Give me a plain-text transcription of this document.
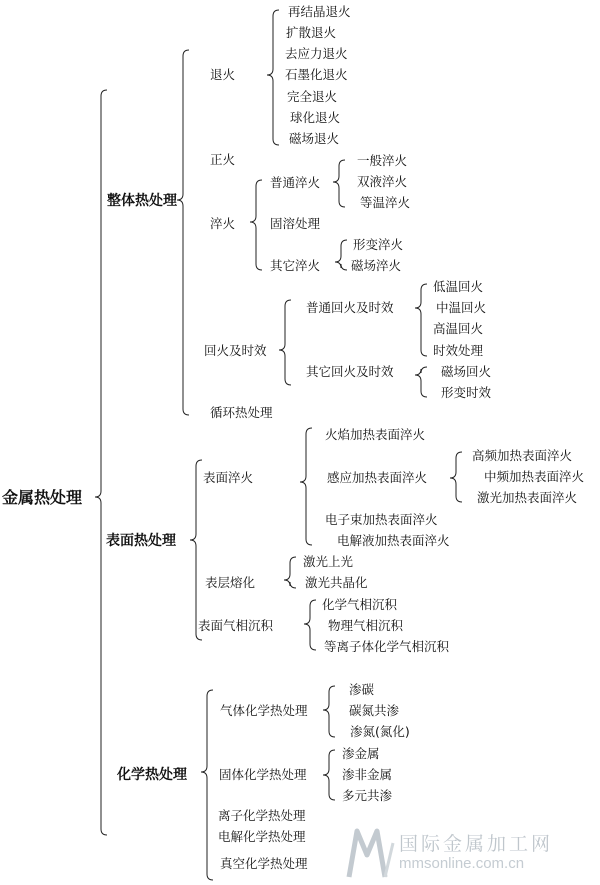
金属热处理
整体热处理
表面热处理
化学热处理
退火
正火
淬火
回火及时效
循环热处理
再结晶退火
扩散退火
去应力退火
石墨化退火
完全退火
球化退火
磁场退火
普通淬火
固溶处理
其它淬火
一般淬火
双液淬火
等温淬火
形变淬火
磁场淬火
普通回火及时效
其它回火及时效
低温回火
中温回火
高温回火
时效处理
磁场回火
形变时效
表面淬火
表层熔化
表面气相沉积
火焰加热表面淬火
感应加热表面淬火
电子束加热表面淬火
电解液加热表面淬火
高频加热表面淬火
中频加热表面淬火
激光加热表面淬火
激光上光
激光共晶化
化学气相沉积
物理气相沉积
等离子体化学气相沉积
气体化学热处理
固体化学热处理
离子化学热处理
电解化学热处理
真空化学热处理
渗碳
碳氮共渗
渗氮(氮化)
渗金属
渗非金属
多元共渗
国际金属加工网
mmsonline.com.cn
